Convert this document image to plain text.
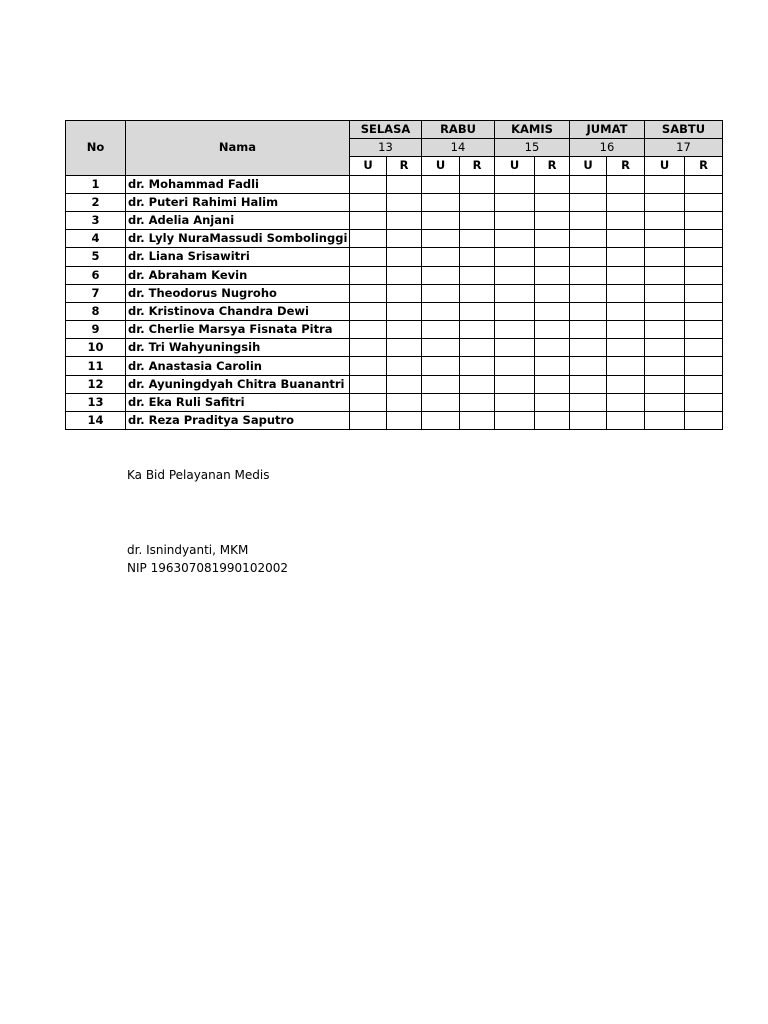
No	Nama	SELASA		RABU		KAMIS		JUMAT		SABTU	
		13		14		15		16		17	
		U	R	U	R	U	R	U	R	U	R
1	dr. Mohammad Fadli										
2	dr. Puteri Rahimi Halim										
3	dr. Adelia Anjani										
4	dr. Lyly NuraMassudi Sombolinggi										
5	dr. Liana Srisawitri										
6	dr. Abraham Kevin										
7	dr. Theodorus Nugroho										
8	dr. Kristinova Chandra Dewi										
9	dr. Cherlie Marsya Fisnata Pitra										
10	dr. Tri Wahyuningsih										
11	dr. Anastasia Carolin										
12	dr. Ayuningdyah Chitra Buanantri										
13	dr. Eka Ruli Safitri										
14	dr. Reza Praditya Saputro										
Ka Bid Pelayanan Medis
dr. Isnindyanti, MKM
NIP 196307081990102002
